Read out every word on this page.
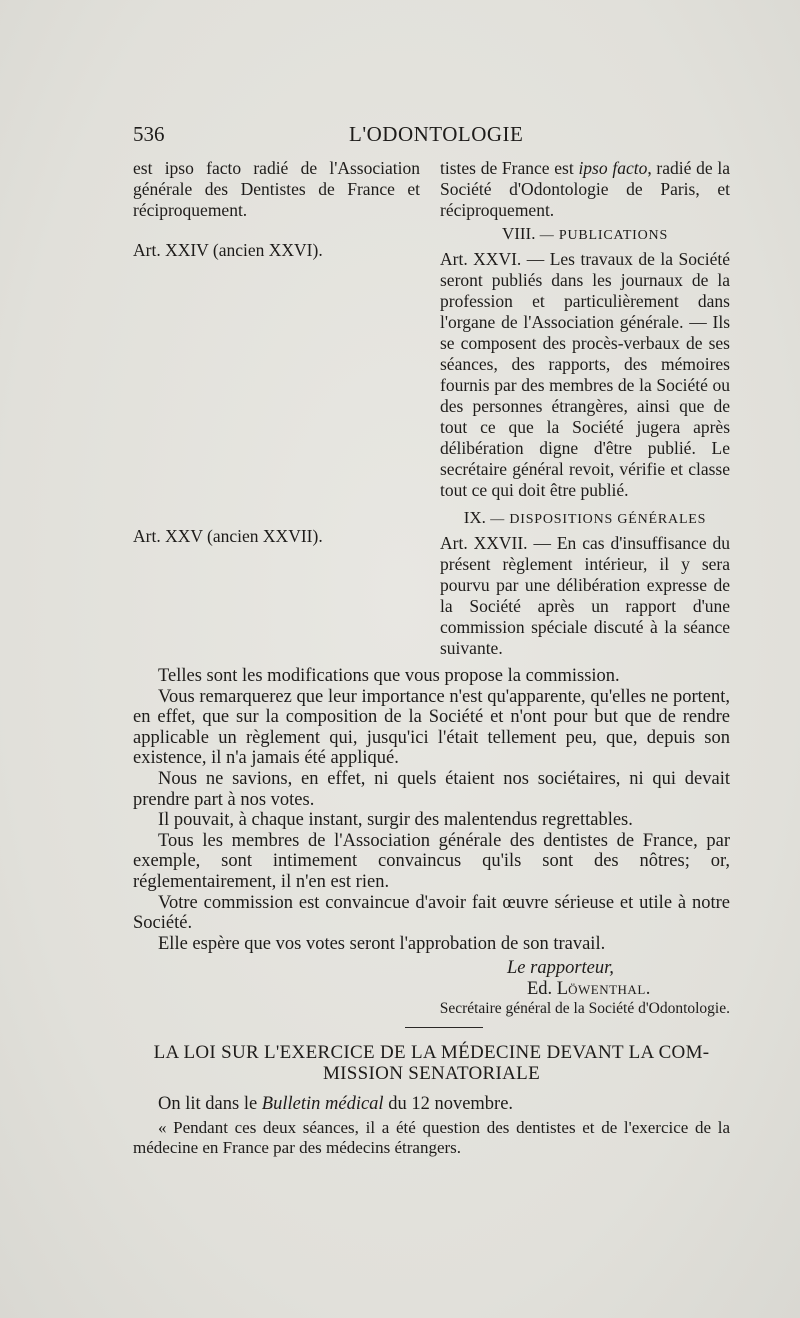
536	L'ODONTOLOGIE

est ipso facto radié de l'Association générale des Dentistes de France et réciproquement.

Art. XXIV (ancien XXVI).
Art. XXV (ancien XXVII).

tistes de France est ipso facto, radié de la Société d'Odontologie de Paris, et réciproquement.

VIII. — PUBLICATIONS

Art. XXVI. — Les travaux de la Société seront publiés dans les journaux de la profession et particulièrement dans l'organe de l'Association générale. — Ils se composent des procès-verbaux de ses séances, des rapports, des mémoires fournis par des membres de la Société ou des personnes étrangères, ainsi que de tout ce que la Société jugera après délibération digne d'être publié. Le secrétaire général revoit, vérifie et classe tout ce qui doit être publié.

IX. — DISPOSITIONS GÉNÉRALES

Art. XXVII. — En cas d'insuffisance du présent règlement intérieur, il y sera pourvu par une délibération expresse de la Société après un rapport d'une commission spéciale discuté à la séance suivante.

Telles sont les modifications que vous propose la commission.

Vous remarquerez que leur importance n'est qu'apparente, qu'elles ne portent, en effet, que sur la composition de la Société et n'ont pour but que de rendre applicable un règlement qui, jusqu'ici l'était tellement peu, que, depuis son existence, il n'a jamais été appliqué.

Nous ne savions, en effet, ni quels étaient nos sociétaires, ni qui devait prendre part à nos votes.

Il pouvait, à chaque instant, surgir des malentendus regrettables.

Tous les membres de l'Association générale des dentistes de France, par exemple, sont intimement convaincus qu'ils sont des nôtres; or, réglementairement, il n'en est rien.

Votre commission est convaincue d'avoir fait œuvre sérieuse et utile à notre Société.

Elle espère que vos votes seront l'approbation de son travail.

Le rapporteur,
Ed. Löwenthal.
Secrétaire général de la Société d'Odontologie.
LA LOI SUR L'EXERCICE DE LA MÉDECINE DEVANT LA COM-
MISSION SENATORIALE

On lit dans le Bulletin médical du 12 novembre.

« Pendant ces deux séances, il a été question des dentistes et de l'exercice de la médecine en France par des médecins étrangers.
